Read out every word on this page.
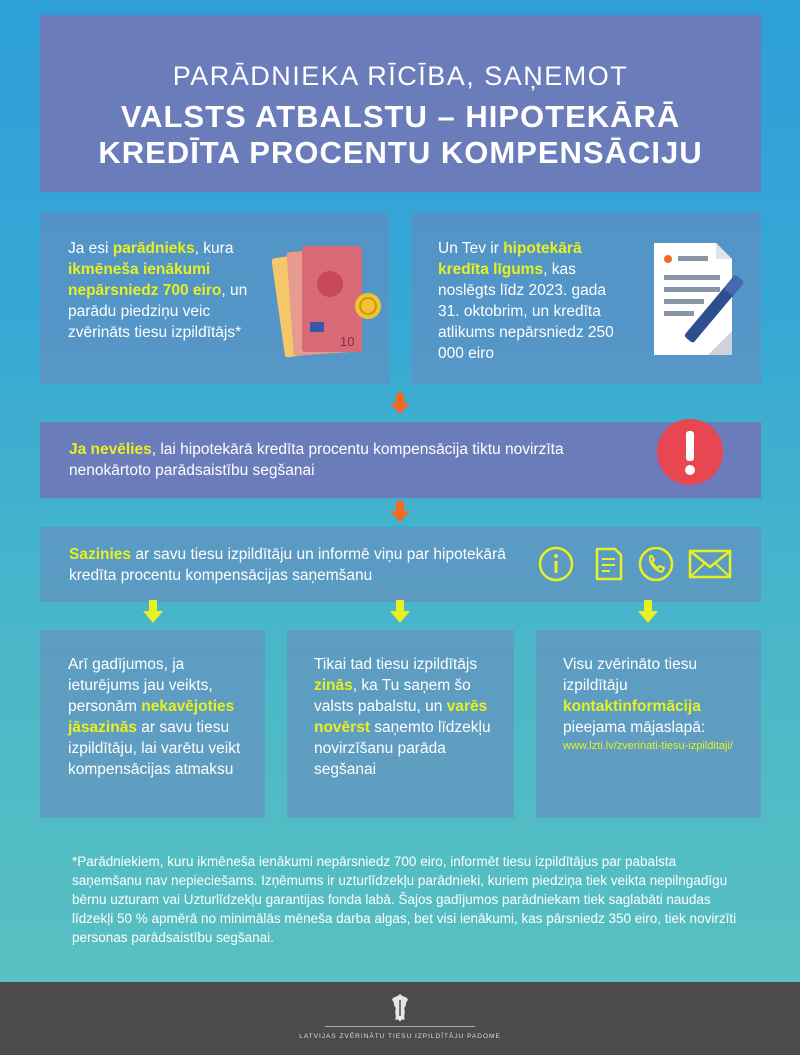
PARĀDNIEKA RĪCĪBA, SAŅEMOT
VALSTS ATBALSTU – HIPOTEKĀRĀ
KREDĪTA PROCENTU KOMPENSĀCIJU
Ja esi parādnieks, kura ikmēneša ienākumi nepārsniedz 700 eiro, un parādu piedziņu veic zvērināts tiesu izpildītājs*
10
Un Tev ir hipotekārā kredīta līgums, kas noslēgts līdz 2023. gada 31. oktobrim, un kredīta atlikums nepārsniedz 250 000 eiro
Ja nevēlies, lai hipotekārā kredīta procentu kompensācija tiktu novirzīta nenokārtoto parādsaistību segšanai
Sazinies ar savu tiesu izpildītāju un informē viņu par hipotekārā kredīta procentu kompensācijas saņemšanu
Arī gadījumos, ja ieturējums jau veikts, personām nekavējoties jāsazinās ar savu tiesu izpildītāju, lai varētu veikt kompensācijas atmaksu
Tikai tad tiesu izpildītājs zinās, ka Tu saņem šo valsts pabalstu, un varēs novērst saņemto līdzekļu novirzīšanu parāda segšanai
Visu zvērināto tiesu izpildītāju kontaktinformācija pieejama mājaslapā:
www.lzti.lv/zverinati-tiesu-izpilditaji/
*Parādniekiem, kuru ikmēneša ienākumi nepārsniedz 700 eiro, informēt tiesu izpildītājus par pabalsta saņemšanu nav nepieciešams. Izņēmums ir uzturlīdzekļu parādnieki, kuriem piedziņa tiek veikta nepilngadīgu bērnu uzturam vai Uzturlīdzekļu garantijas fonda labā. Šajos gadījumos parādniekam tiek saglabāti naudas līdzekļi 50 % apmērā no minimālās mēneša darba algas, bet visi ienākumi, kas pārsniedz 350 eiro, tiek novirzīti personas parādsaistību segšanai.
LATVIJAS ZVĒRINĀTU TIESU IZPILDĪTĀJU PADOME
